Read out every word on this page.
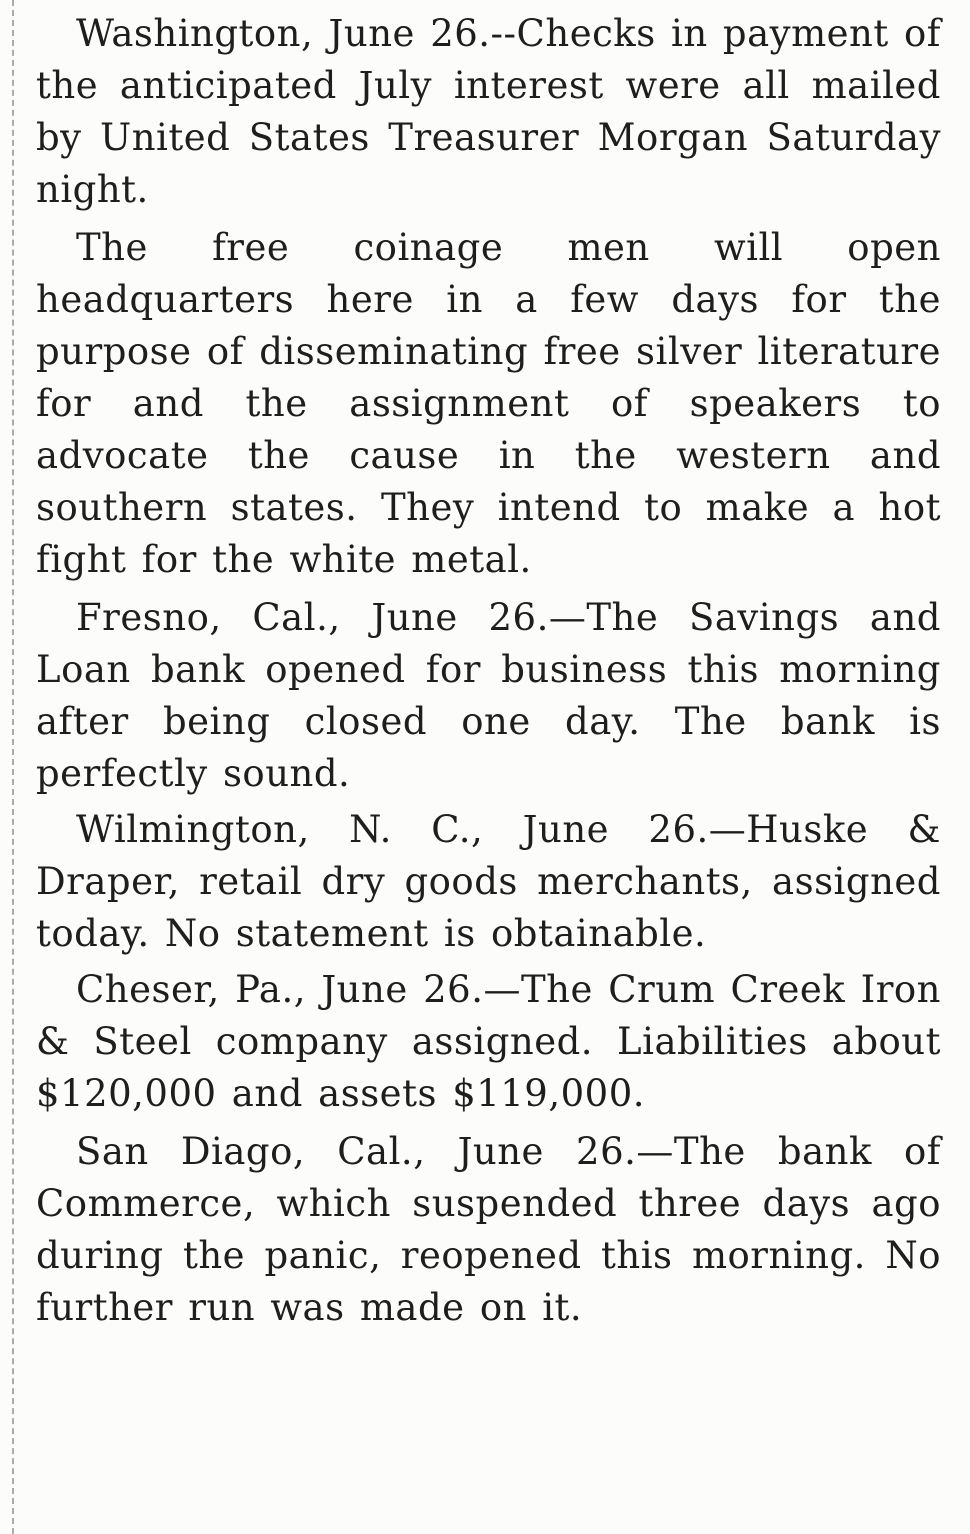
Washington, June 26.--Checks in payment of the anticipated July interest were all mailed by United States Treasurer Morgan Saturday night.

The free coinage men will open headquarters here in a few days for the purpose of disseminating free silver literature for and the assignment of speakers to advocate the cause in the western and southern states. They intend to make a hot fight for the white metal.

Fresno, Cal., June 26.—The Savings and Loan bank opened for business this morning after being closed one day. The bank is perfectly sound.

Wilmington, N. C., June 26.—Huske & Draper, retail dry goods merchants, assigned today. No statement is obtainable.

Cheser, Pa., June 26.—The Crum Creek Iron & Steel company assigned. Liabilities about $120,000 and assets $119,000.

San Diago, Cal., June 26.—The bank of Commerce, which suspended three days ago during the panic, reopened this morning. No further run was made on it.
